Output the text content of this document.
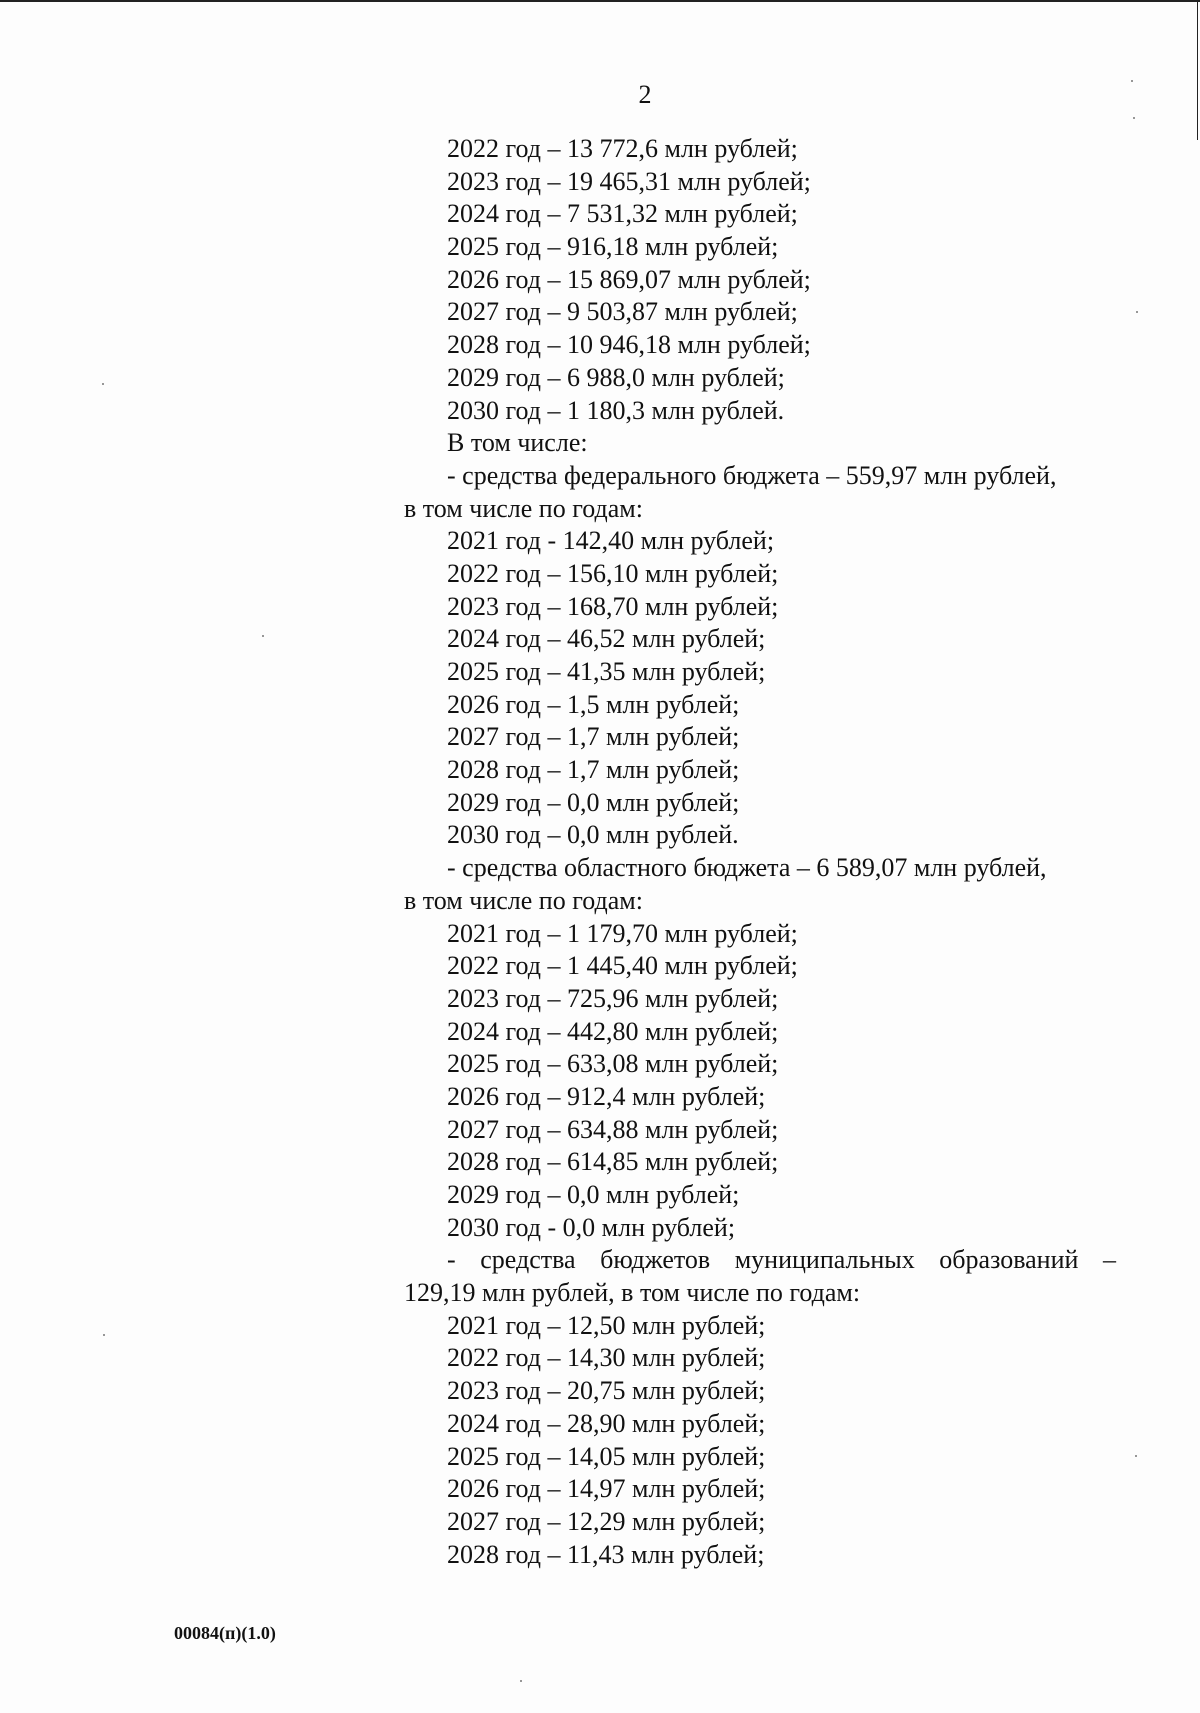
2
2022 год – 13 772,6 млн рублей;
2023 год – 19 465,31 млн рублей;
2024 год – 7 531,32 млн рублей;
2025 год – 916,18 млн рублей;
2026 год – 15 869,07 млн рублей;
2027 год – 9 503,87 млн рублей;
2028 год – 10 946,18 млн рублей;
2029 год – 6 988,0 млн рублей;
2030 год – 1 180,3 млн рублей.
В том числе:
- средства федерального бюджета – 559,97 млн рублей,
в том числе по годам:
2021 год - 142,40 млн рублей;
2022 год – 156,10 млн рублей;
2023 год – 168,70 млн рублей;
2024 год – 46,52 млн рублей;
2025 год – 41,35 млн рублей;
2026 год – 1,5 млн рублей;
2027 год – 1,7 млн рублей;
2028 год – 1,7 млн рублей;
2029 год – 0,0 млн рублей;
2030 год – 0,0 млн рублей.
- средства областного бюджета – 6 589,07 млн рублей,
в том числе по годам:
2021 год – 1 179,70 млн рублей;
2022 год – 1 445,40 млн рублей;
2023 год – 725,96 млн рублей;
2024 год – 442,80 млн рублей;
2025 год – 633,08 млн рублей;
2026 год – 912,4 млн рублей;
2027 год – 634,88 млн рублей;
2028 год – 614,85 млн рублей;
2029 год – 0,0 млн рублей;
2030 год - 0,0 млн рублей;
- средства бюджетов муниципальных образований –
129,19 млн рублей, в том числе по годам:
2021 год – 12,50 млн рублей;
2022 год – 14,30 млн рублей;
2023 год – 20,75 млн рублей;
2024 год – 28,90 млн рублей;
2025 год – 14,05 млн рублей;
2026 год – 14,97 млн рублей;
2027 год – 12,29 млн рублей;
2028 год – 11,43 млн рублей;
00084(п)(1.0)
